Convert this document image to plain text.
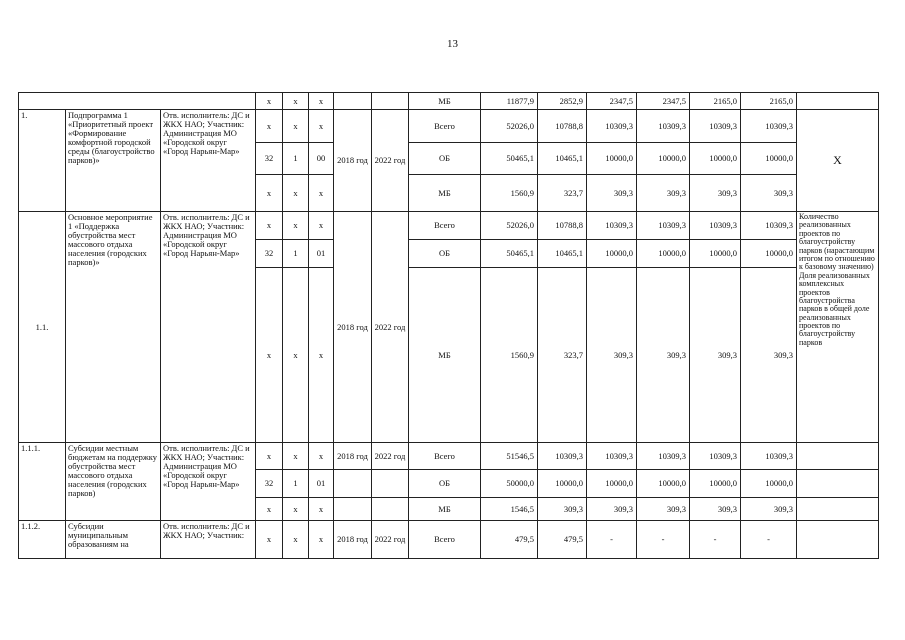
13
			х	х	х			МБ	11877,9	2852,9	2347,5	2347,5	2165,0	2165,0	
1.	Подпрограмма 1 «Приоритетный проект «Формирование комфортной городской среды (благоустройство парков)»	Отв. исполнитель: ДС и ЖКХ НАО; Участник: Администрация МО «Городской округ «Город Нарьян-Мар»	х	х	х	2018 год	2022 год	Всего	52026,0	10788,8	10309,3	10309,3	10309,3	10309,3	Х
			32	1	00			ОБ	50465,1	10465,1	10000,0	10000,0	10000,0	10000,0	
			х	х	х			МБ	1560,9	323,7	309,3	309,3	309,3	309,3	
1.1.	Основное мероприятие 1 «Поддержка обустройства мест массового отдыха населения (городских парков)»	Отв. исполнитель: ДС и ЖКХ НАО; Участник: Администрация МО «Городской округ «Город Нарьян-Мар»	х	х	х	2018 год	2022 год	Всего	52026,0	10788,8	10309,3	10309,3	10309,3	10309,3	Количество реализованных проектов по благоустройству парков (нарастающим итогом по отношению к базовому значению) Доля реализованных комплексных проектов благоустройства парков в общей доле реализованных проектов по благоустройству парков
			32	1	01			ОБ	50465,1	10465,1	10000,0	10000,0	10000,0	10000,0	
			х	х	х			МБ	1560,9	323,7	309,3	309,3	309,3	309,3	
1.1.1.	Субсидии местным бюджетам на поддержку обустройства мест массового отдыха населения (городских парков)	Отв. исполнитель: ДС и ЖКХ НАО; Участник: Администрация МО «Городской округ «Город Нарьян-Мар»	х	х	х	2018 год	2022 год	Всего	51546,5	10309,3	10309,3	10309,3	10309,3	10309,3	
			32	1	01			ОБ	50000,0	10000,0	10000,0	10000,0	10000,0	10000,0	
			х	х	х			МБ	1546,5	309,3	309,3	309,3	309,3	309,3	
1.1.2.	Субсидии муниципальным образованиям на	Отв. исполнитель: ДС и ЖКХ НАО; Участник:	х	х	х	2018 год	2022 год	Всего	479,5	479,5	-	-	-	-	
